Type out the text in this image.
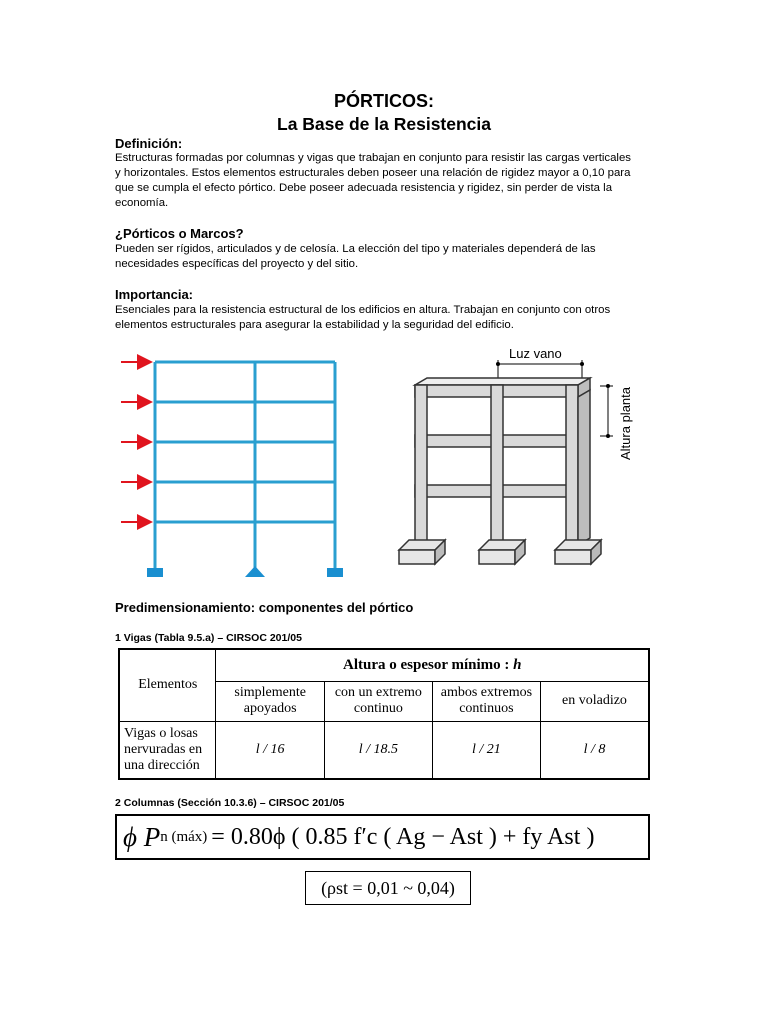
PÓRTICOS:
La Base de la Resistencia
Definición:
Estructuras formadas por columnas y vigas que trabajan en conjunto para resistir las cargas verticales y horizontales. Estos elementos estructurales deben poseer una relación de rigidez mayor a 0,10 para que se cumpla el efecto pórtico. Debe poseer adecuada resistencia y rigidez, sin perder de vista la economía.
¿Pórticos o Marcos?
Pueden ser rígidos, articulados y de celosía. La elección del tipo y materiales dependerá de las necesidades específicas del proyecto y del sitio.
Importancia:
Esenciales para la resistencia estructural de los edificios en altura. Trabajan en conjunto con otros elementos estructurales para asegurar la estabilidad y la seguridad del edificio.
Luz vano
Altura planta
Predimensionamiento: componentes del pórtico
1 Vigas (Tabla 9.5.a) – CIRSOC 201/05
Elementos	Altura o espesor mínimo : h			
	simplemente apoyados	con un extremo continuo	ambos extremos continuos	en voladizo
Vigas o losas nervuradas en una dirección	l / 16	l / 18.5	l / 21	l / 8
2 Columnas (Sección 10.3.6) – CIRSOC 201/05
ϕ P n (máx) = 0.80ϕ ( 0.85 f′c ( Ag − Ast ) + fy Ast )
(ρst = 0,01 ~ 0,04)
